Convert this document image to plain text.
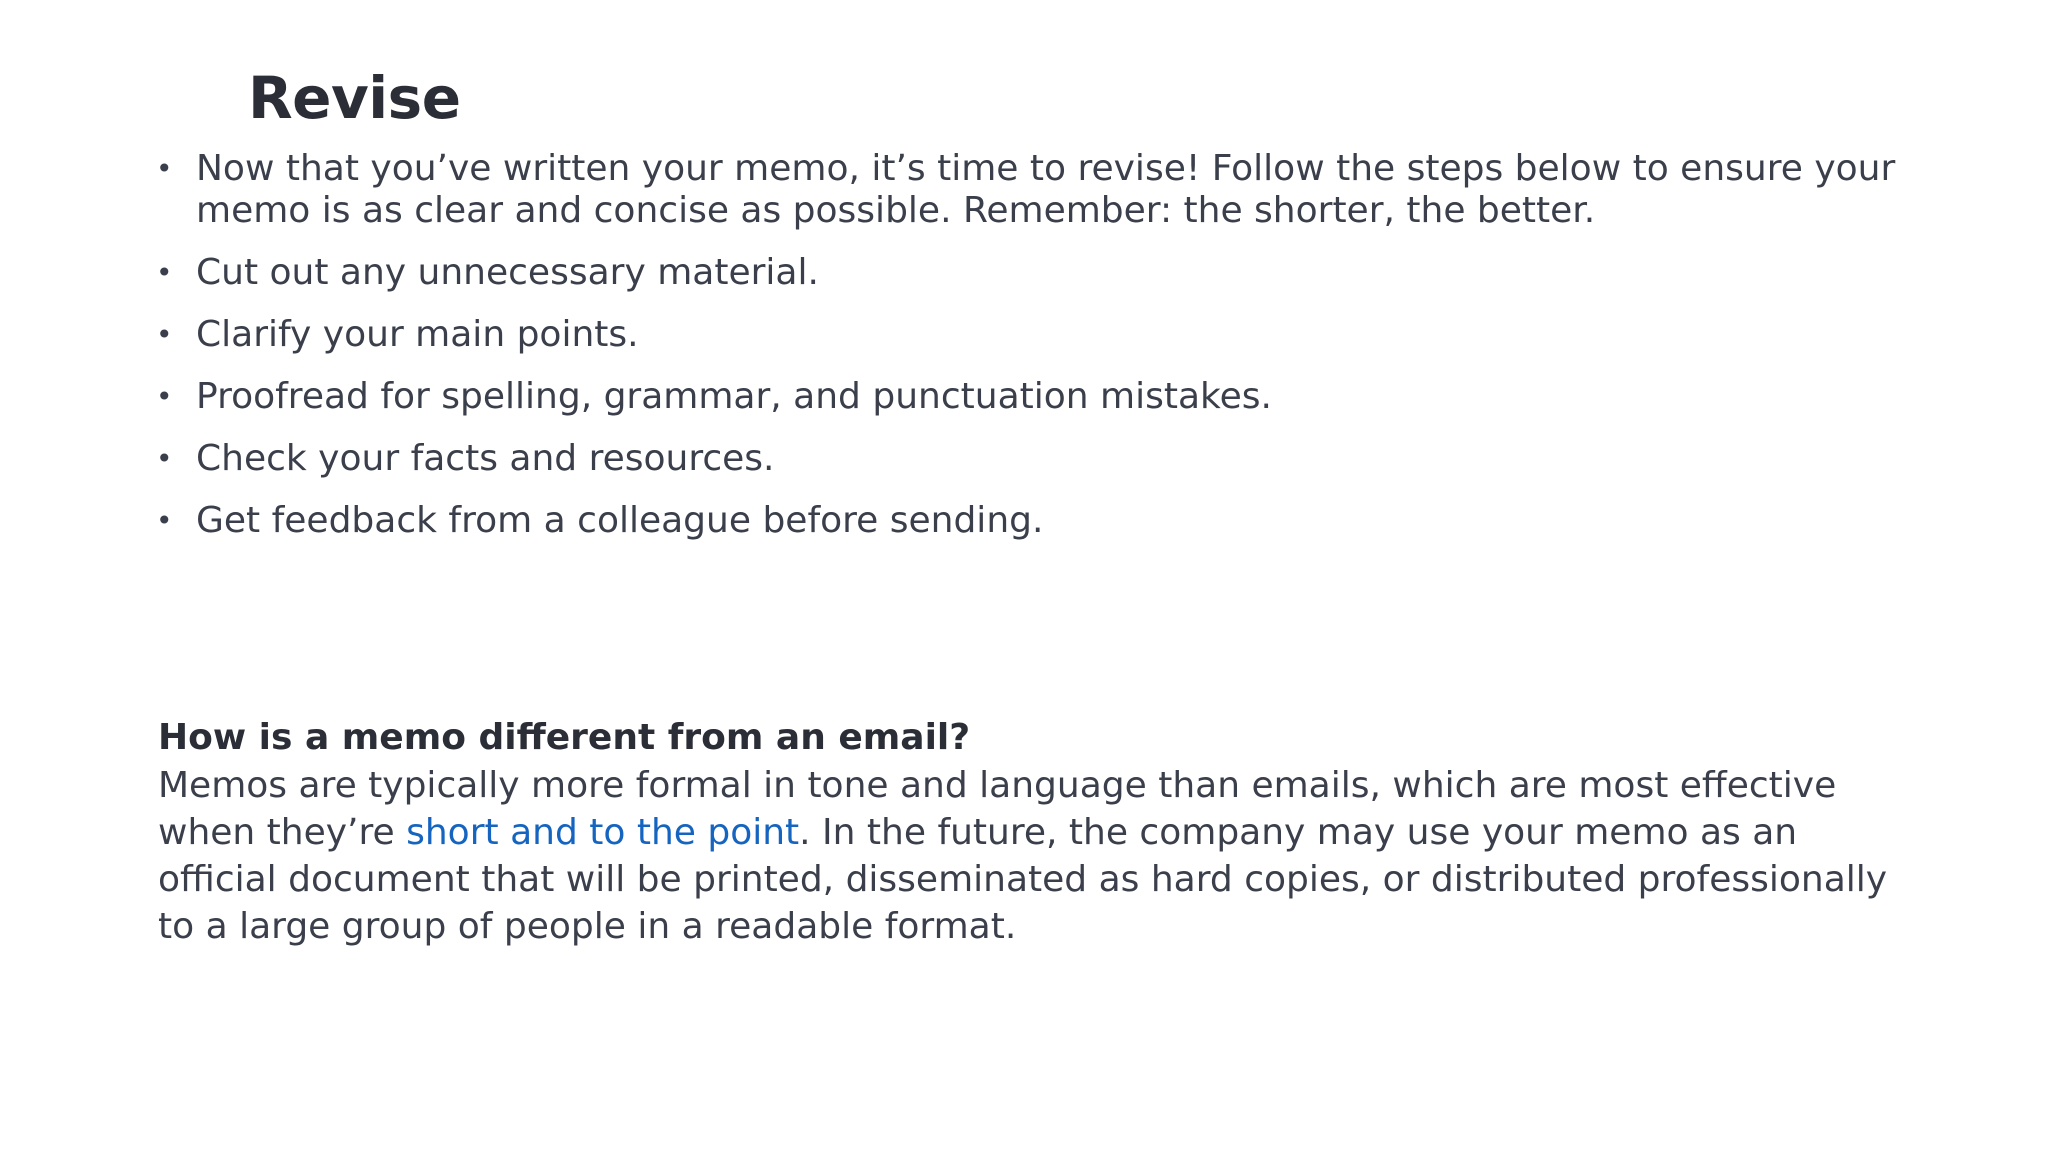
Revise
• Now that you’ve written your memo, it’s time to revise! Follow the steps below to ensure your memo is as clear and concise as possible. Remember: the shorter, the better.
• Cut out any unnecessary material.
• Clarify your main points.
• Proofread for spelling, grammar, and punctuation mistakes.
• Check your facts and resources.
• Get feedback from a colleague before sending.

How is a memo different from an email?

Memos are typically more formal in tone and language than emails, which are most effective when they’re short and to the point. In the future, the company may use your memo as an official document that will be printed, disseminated as hard copies, or distributed professionally to a large group of people in a readable format.
